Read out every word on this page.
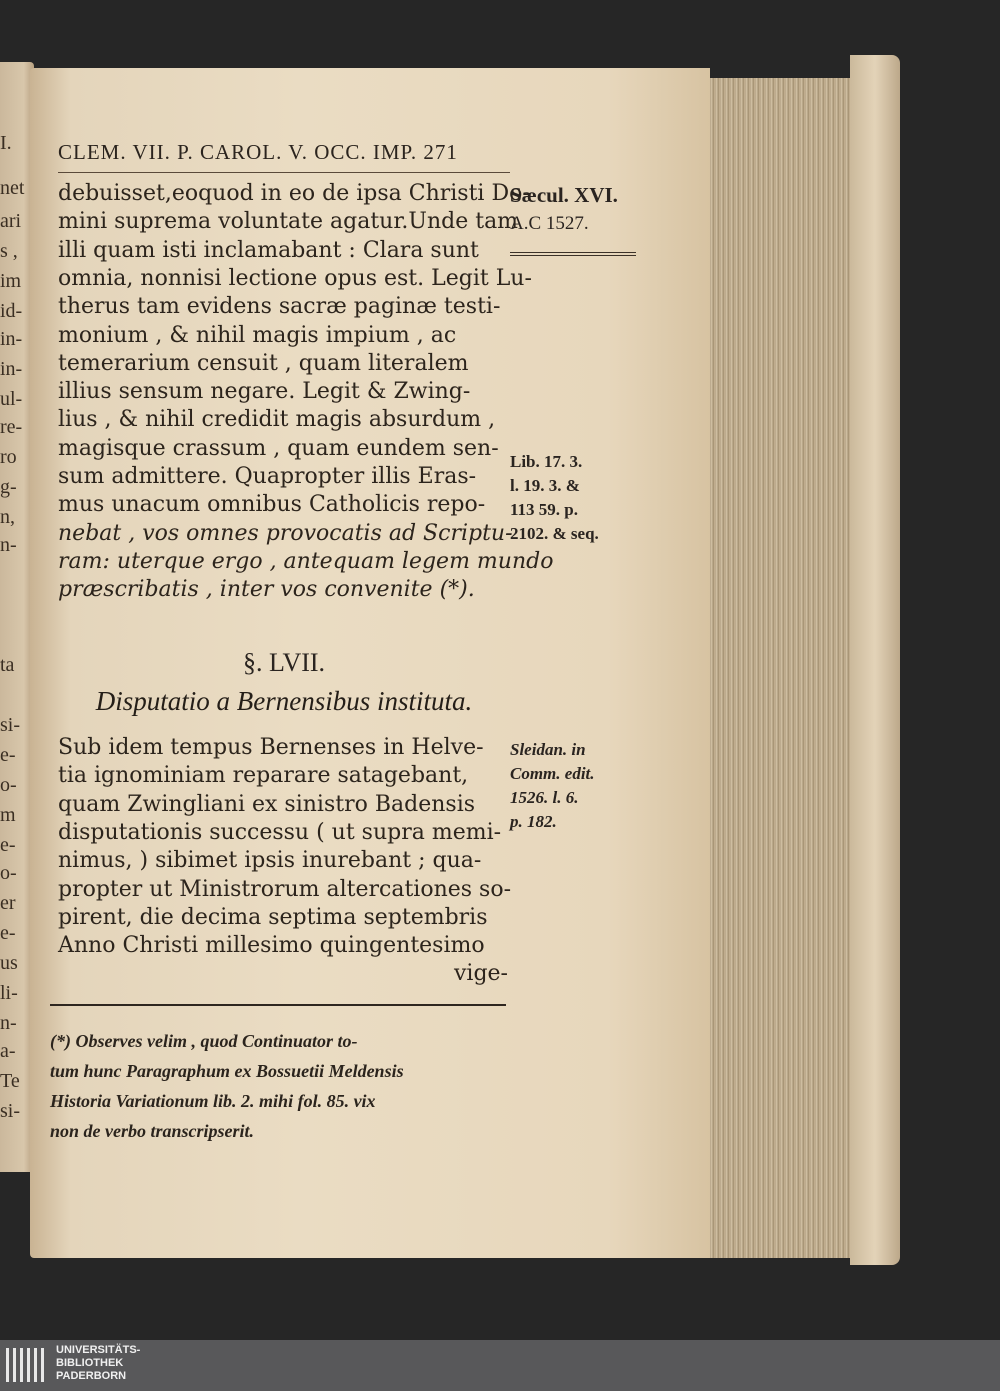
I.
net
ari
s ,
im
id-
in-
in-
ul-
re-
ro
g-
n,
n-
ta
si-
e-
o-
m
e-
o-
er
e-
us
li-
n-
a-
Te
si-
CLEM. VII. P. CAROL. V. OCC. IMP. 271
debuisset,eoquod in eo de ipsa Christi Do-
mini suprema voluntate agatur.Unde tam
illi quam isti inclamabant : Clara sunt
omnia, nonnisi lectione opus est. Legit Lu-
therus tam evidens sacræ paginæ testi-
monium , & nihil magis impium , ac
temerarium censuit , quam literalem
illius sensum negare. Legit & Zwing-
lius , & nihil credidit magis absurdum ,
magisque crassum , quam eundem sen-
sum admittere. Quapropter illis Eras-
mus unacum omnibus Catholicis repo-
nebat , vos omnes provocatis ad Scriptu-
ram: uterque ergo , antequam legem mundo
præscribatis , inter vos convenite (*).
Sæcul. XVI.
A.C 1527.
Lib. 17. 3.
l. 19. 3. &
113 59. p.
2102. & seq.
§. LVII.
Disputatio a Bernensibus instituta.
Sub idem tempus Bernenses in Helve-
tia ignominiam reparare satagebant,
quam Zwingliani ex sinistro Badensis
disputationis successu ( ut supra memi-
nimus, ) sibimet ipsis inurebant ; qua-
propter ut Ministrorum altercationes so-
pirent, die decima septima septembris
Anno Christi millesimo quingentesimo
vige-
Sleidan. in
Comm. edit.
1526. l. 6.
p. 182.
(*) Observes velim , quod Continuator to-
tum hunc Paragraphum ex Bossuetii Meldensis
Historia Variationum lib. 2. mihi fol. 85. vix
non de verbo transcripserit.
UNIVERSITÄTS-
BIBLIOTHEK
PADERBORN
